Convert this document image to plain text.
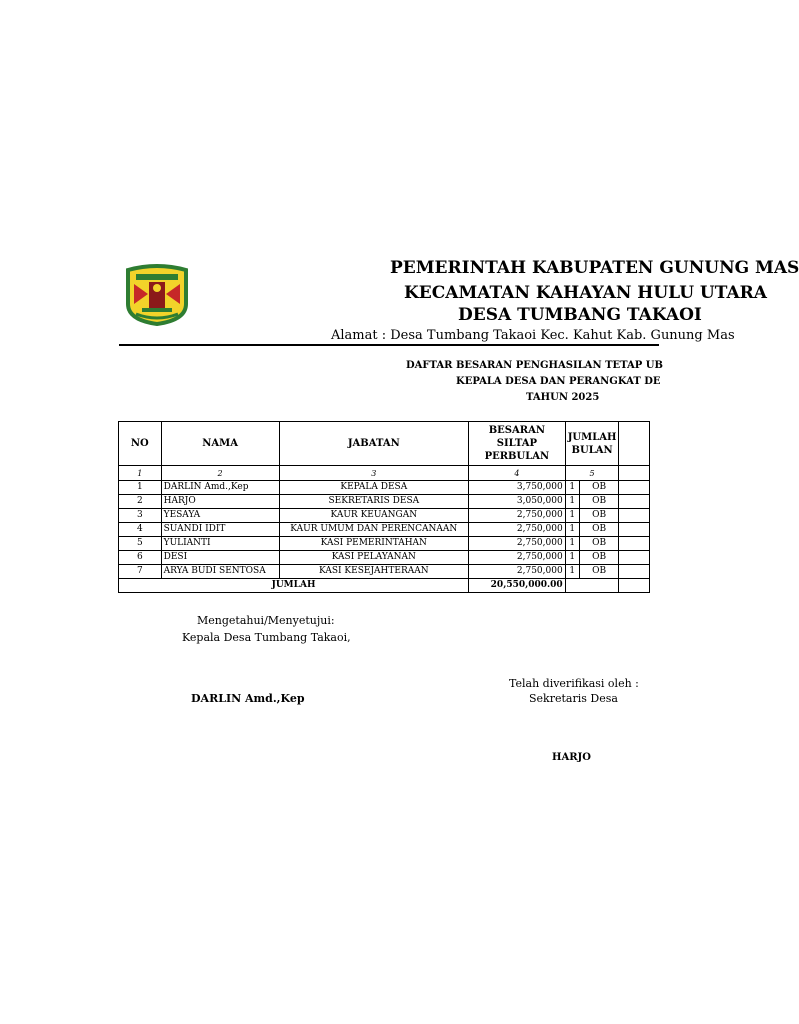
PEMERINTAH KABUPATEN GUNUNG MAS
KECAMATAN KAHAYAN HULU UTARA
DESA TUMBANG TAKAOI
Alamat : Desa Tumbang Takaoi Kec. Kahut Kab. Gunung Mas
DAFTAR BESARAN PENGHASILAN TETAP UB
KEPALA DESA DAN PERANGKAT DE
TAHUN 2025
NO	NAMA	JABATAN	BESARAN SILTAP PERBULAN	JUMLAH BULAN		
1	2	3	4	5		
1	DARLIN Amd.,Kep	KEPALA DESA	3,750,000	1	OB	
2	HARJO	SEKRETARIS DESA	3,050,000	1	OB	
3	YESAYA	KAUR KEUANGAN	2,750,000	1	OB	
4	SUANDI IDIT	KAUR UMUM DAN PERENCANAAN	2,750,000	1	OB	
5	YULIANTI	KASI PEMERINTAHAN	2,750,000	1	OB	
6	DESI	KASI PELAYANAN	2,750,000	1	OB	
7	ARYA BUDI SENTOSA	KASI KESEJAHTERAAN	2,750,000	1	OB	
JUMLAH			20,550,000.00			
Mengetahui/Menyetujui:
Kepala Desa Tumbang Takaoi,
DARLIN Amd.,Kep
Telah diverifikasi oleh :
Sekretaris Desa
HARJO
